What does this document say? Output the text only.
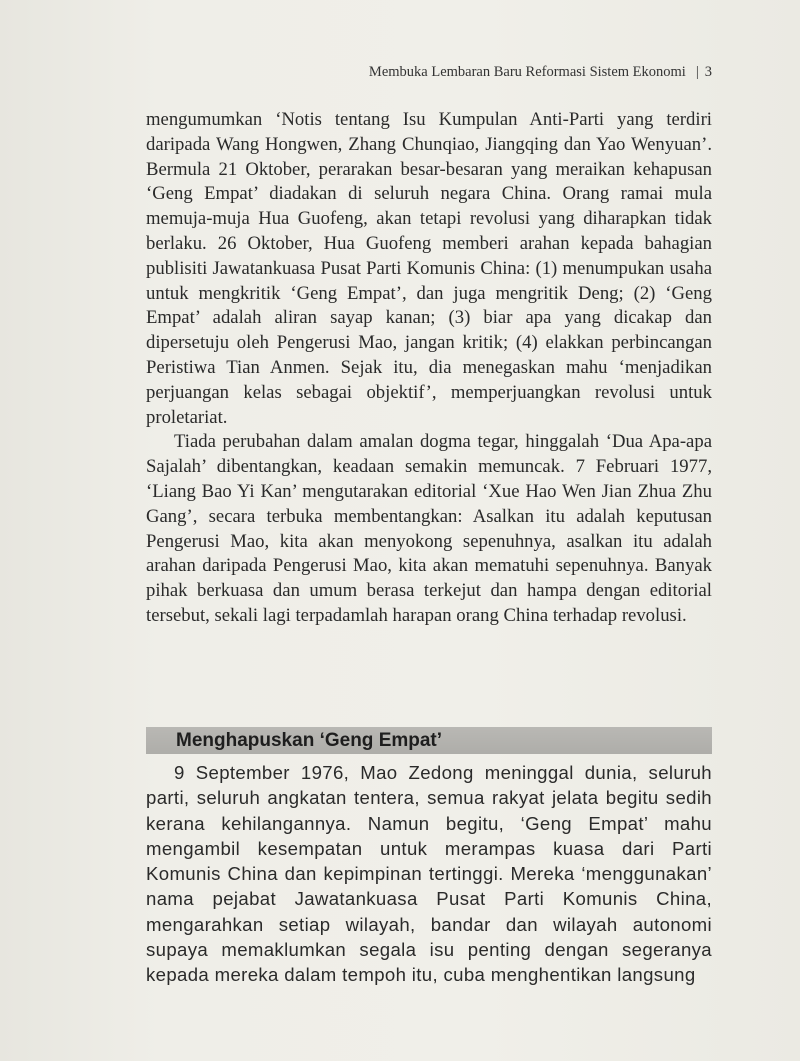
Membuka Lembaran Baru Reformasi Sistem Ekonomi | 3

mengumumkan ‘Notis tentang Isu Kumpulan Anti-Parti yang terdiri daripada Wang Hongwen, Zhang Chunqiao, Jiangqing dan Yao Wenyuan’. Bermula 21 Oktober, perarakan besar-besaran yang meraikan kehapusan ‘Geng Empat’ diadakan di seluruh negara China. Orang ramai mula memuja-muja Hua Guofeng, akan tetapi revolusi yang diharapkan tidak berlaku. 26 Oktober, Hua Guofeng memberi arahan kepada bahagian publisiti Jawatankuasa Pusat Parti Komunis China: (1) menumpukan usaha untuk mengkritik ‘Geng Empat’, dan juga mengritik Deng; (2) ‘Geng Empat’ adalah aliran sayap kanan; (3) biar apa yang dicakap dan dipersetuju oleh Pengerusi Mao, jangan kritik; (4) elakkan perbincangan Peristiwa Tian Anmen. Sejak itu, dia menegaskan mahu ‘menjadikan perjuangan kelas sebagai objektif’, memperjuangkan revolusi untuk proletariat.

Tiada perubahan dalam amalan dogma tegar, hinggalah ‘Dua Apa-apa Sajalah’ dibentangkan, keadaan semakin memuncak. 7 Februari 1977, ‘Liang Bao Yi Kan’ mengutarakan editorial ‘Xue Hao Wen Jian Zhua Zhu Gang’, secara terbuka membentangkan: Asalkan itu adalah keputusan Pengerusi Mao, kita akan menyokong sepenuhnya, asalkan itu adalah arahan daripada Pengerusi Mao, kita akan mematuhi sepenuhnya. Banyak pihak berkuasa dan umum berasa terkejut dan hampa dengan editorial tersebut, sekali lagi terpadamlah harapan orang China terhadap revolusi.

Menghapuskan ‘Geng Empat’

9 September 1976, Mao Zedong meninggal dunia, seluruh parti, seluruh angkatan tentera, semua rakyat jelata begitu sedih kerana kehilangannya. Namun begitu, ‘Geng Empat’ mahu mengambil kesempatan untuk merampas kuasa dari Parti Komunis China dan kepimpinan tertinggi. Mereka ‘menggunakan’ nama pejabat Jawatankuasa Pusat Parti Komunis China, mengarahkan setiap wilayah, bandar dan wilayah autonomi supaya memaklumkan segala isu penting dengan segeranya kepada mereka dalam tempoh itu, cuba menghentikan langsung
